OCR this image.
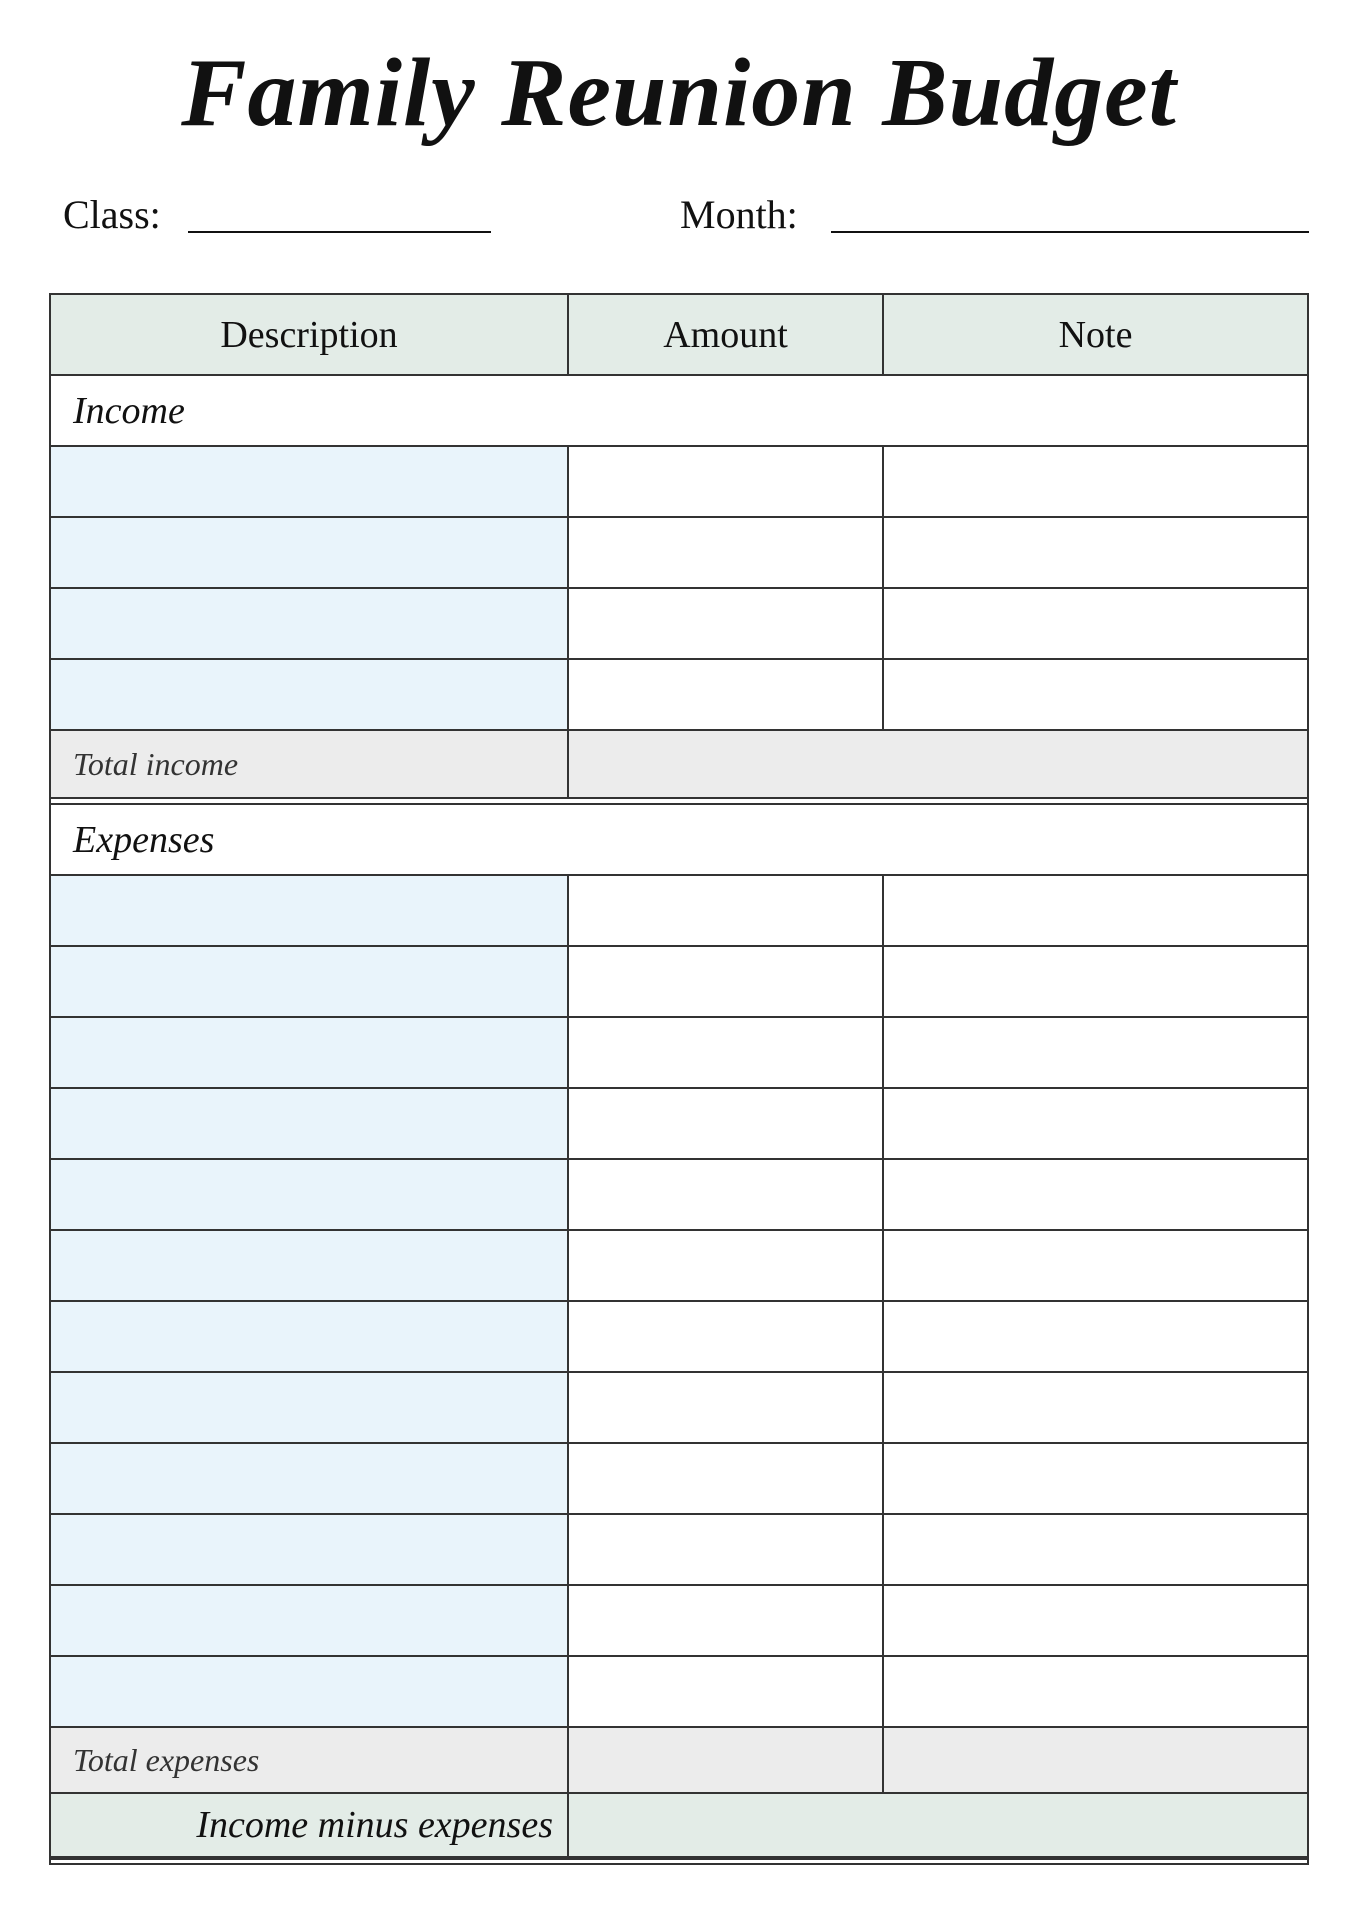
Family Reunion Budget
Class:	Month:
Description	Amount	Note
Income
Total income
Expenses
Total expenses
Income minus expenses
